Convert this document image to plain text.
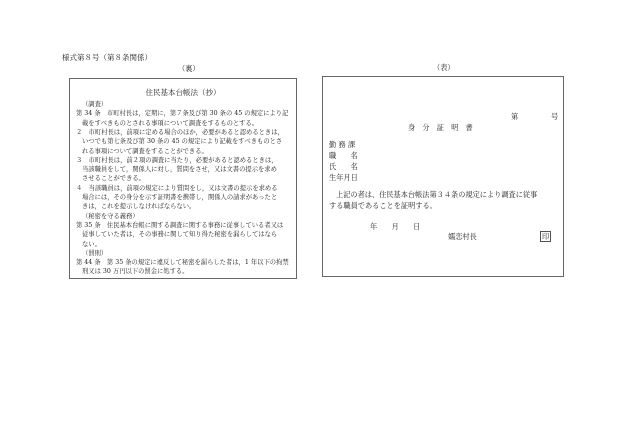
様式第８号（第８条関係）
（裏）	（表）
住民基本台帳法（抄）
（調査）
第 34 条　市町村長は，定期に，第７条及び第 30 条の 45 の規定により記
載をすべきものとされる事項について調査をするものとする。
２　市町村長は，前項に定める場合のほか，必要があると認めるときは，
いつでも第七条及び第 30 条の 45 の規定により記載をすべきものとさ
れる事項について調査をすることができる。
３　市町村長は，前２項の調査に当たり，必要があると認めるときは，
当該職員をして，関係人に対し，質問をさせ，又は文書の提示を求め
させることができる。
４　当該職員は，前項の規定により質問をし，又は文書の提示を求める
場合には，その身分を示す証明書を携帯し，関係人の請求があったと
きは，これを提示しなければならない。
（秘密を守る義務）
第 35 条　住民基本台帳に関する調査に関する事務に従事している者又は
従事していた者は，その事務に関して知り得た秘密を漏らしてはなら
ない。
（罰則）
第 44 条　第 35 条の規定に違反して秘密を漏らした者は，1 年以下の拘禁
刑又は 30 万円以下の罰金に処する。
第	号
身　分　証　明　書
勤 務 課
職　　名
氏　　名
生年月日
上記の者は、住民基本台帳法第３４条の規定により調査に従事
する職員であることを証明する。
年　　月　　日
嬬恋村長	印
